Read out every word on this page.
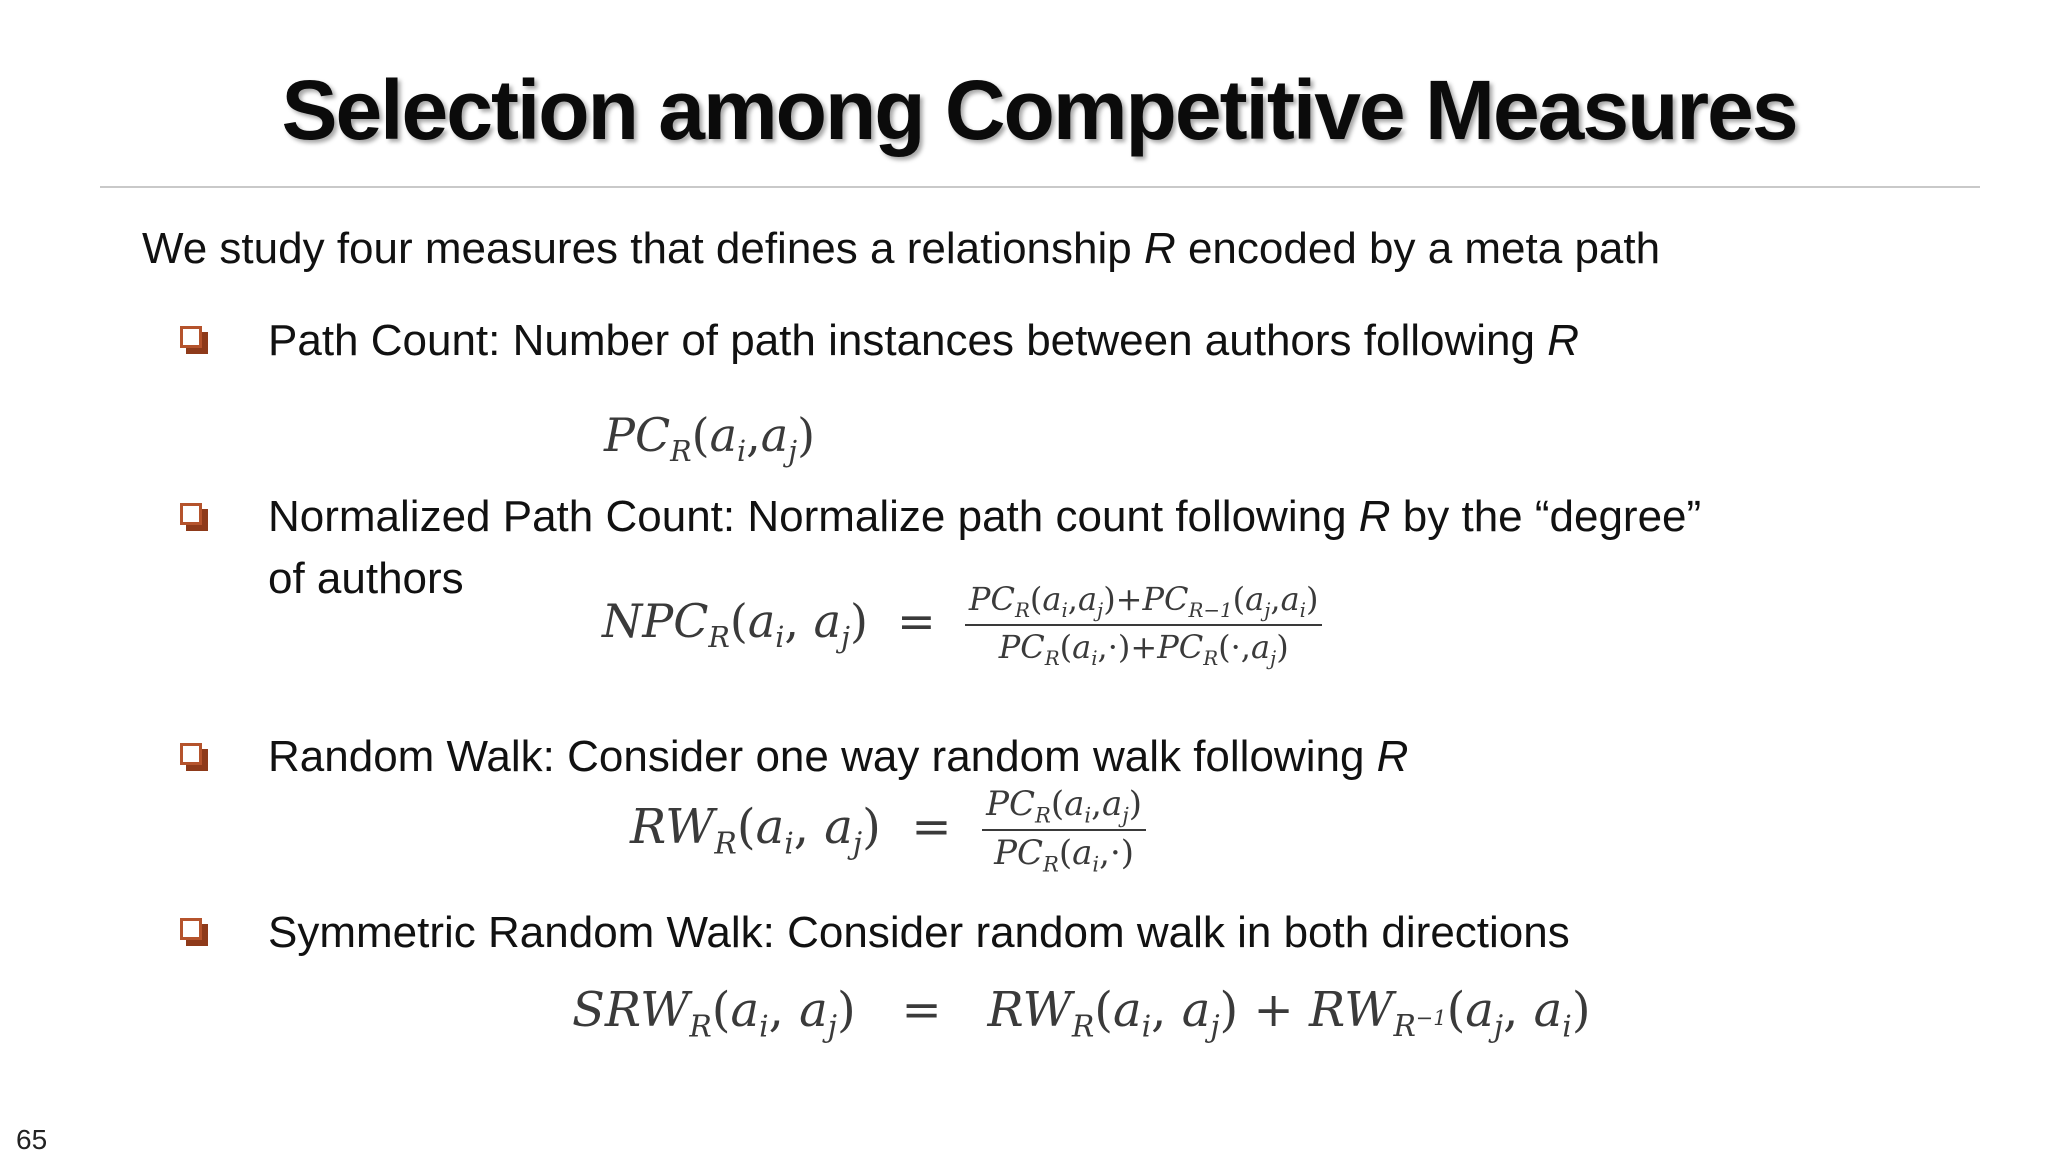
Selection among Competitive Measures
We study four measures that defines a relationship R encoded by a meta path
Path Count: Number of path instances between authors following R
$PC_R(a_i,a_j)$
Normalized Path Count: Normalize path count following R by the “degree”
of authors
$NPC_R(a_i$, $a_j) = \frac{PC_R(a_i,a_j)+PC_{R-1}(a_j,a_i)}{PC_R(a_i,\cdot)+PC_R(\cdot,a_j)}$
Random Walk: Consider one way random walk following R
$RW_R(a_i$, $a_j) = \frac{PC_R(a_i,a_j)}{PC_R(a_i,\cdot)}$
Symmetric Random Walk: Consider random walk in both directions
$SRW_R(a_i$, $a_j) = RW_R(a_i$, $a_j) + RW_{R^{-1}}(a_j$, $a_i$)
65
